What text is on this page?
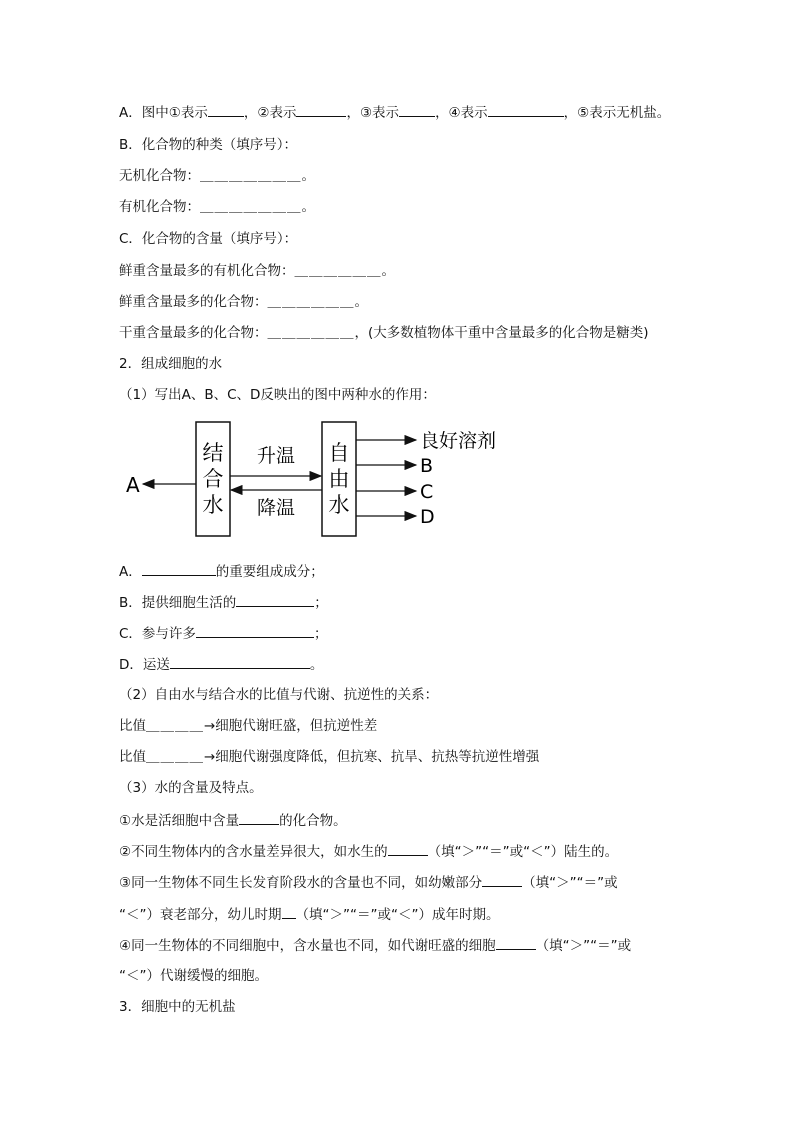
A．图中①表示	，②表示	，③表示	，④表示	，⑤表示无机盐。
B．化合物的种类（填序号）：
无机化合物：＿＿＿＿＿＿＿。
有机化合物：＿＿＿＿＿＿＿。
C．化合物的含量（填序号）：
鲜重含量最多的有机化合物：＿＿＿＿＿＿。
鲜重含量最多的化合物：＿＿＿＿＿＿。
干重含量最多的化合物：＿＿＿＿＿＿，(大多数植物体干重中含量最多的化合物是糖类)
2．组成细胞的水
（1）写出A、B、C、D反映出的图中两种水的作用：
结
合
水
自
由
水
升温
降温
A
良好溶剂
B
C
D
A．	的重要组成成分；
B．提供细胞生活的	；
C．参与许多	；
D．运送	。
（2）自由水与结合水的比值与代谢、抗逆性的关系：
比值＿＿＿＿→细胞代谢旺盛，但抗逆性差
比值＿＿＿＿→细胞代谢强度降低，但抗寒、抗旱、抗热等抗逆性增强
（3）水的含量及特点。
①水是活细胞中含量	的化合物。
②不同生物体内的含水量差异很大，如水生的	（填“＞”“＝”或“＜”）陆生的。
③同一生物体不同生长发育阶段水的含量也不同，如幼嫩部分	（填“＞”“＝”或
“＜”）衰老部分，幼儿时期 （填“＞”“＝”或“＜”）成年时期。
④同一生物体的不同细胞中，含水量也不同，如代谢旺盛的细胞	（填“＞”“＝”或
“＜”）代谢缓慢的细胞。
3．细胞中的无机盐
